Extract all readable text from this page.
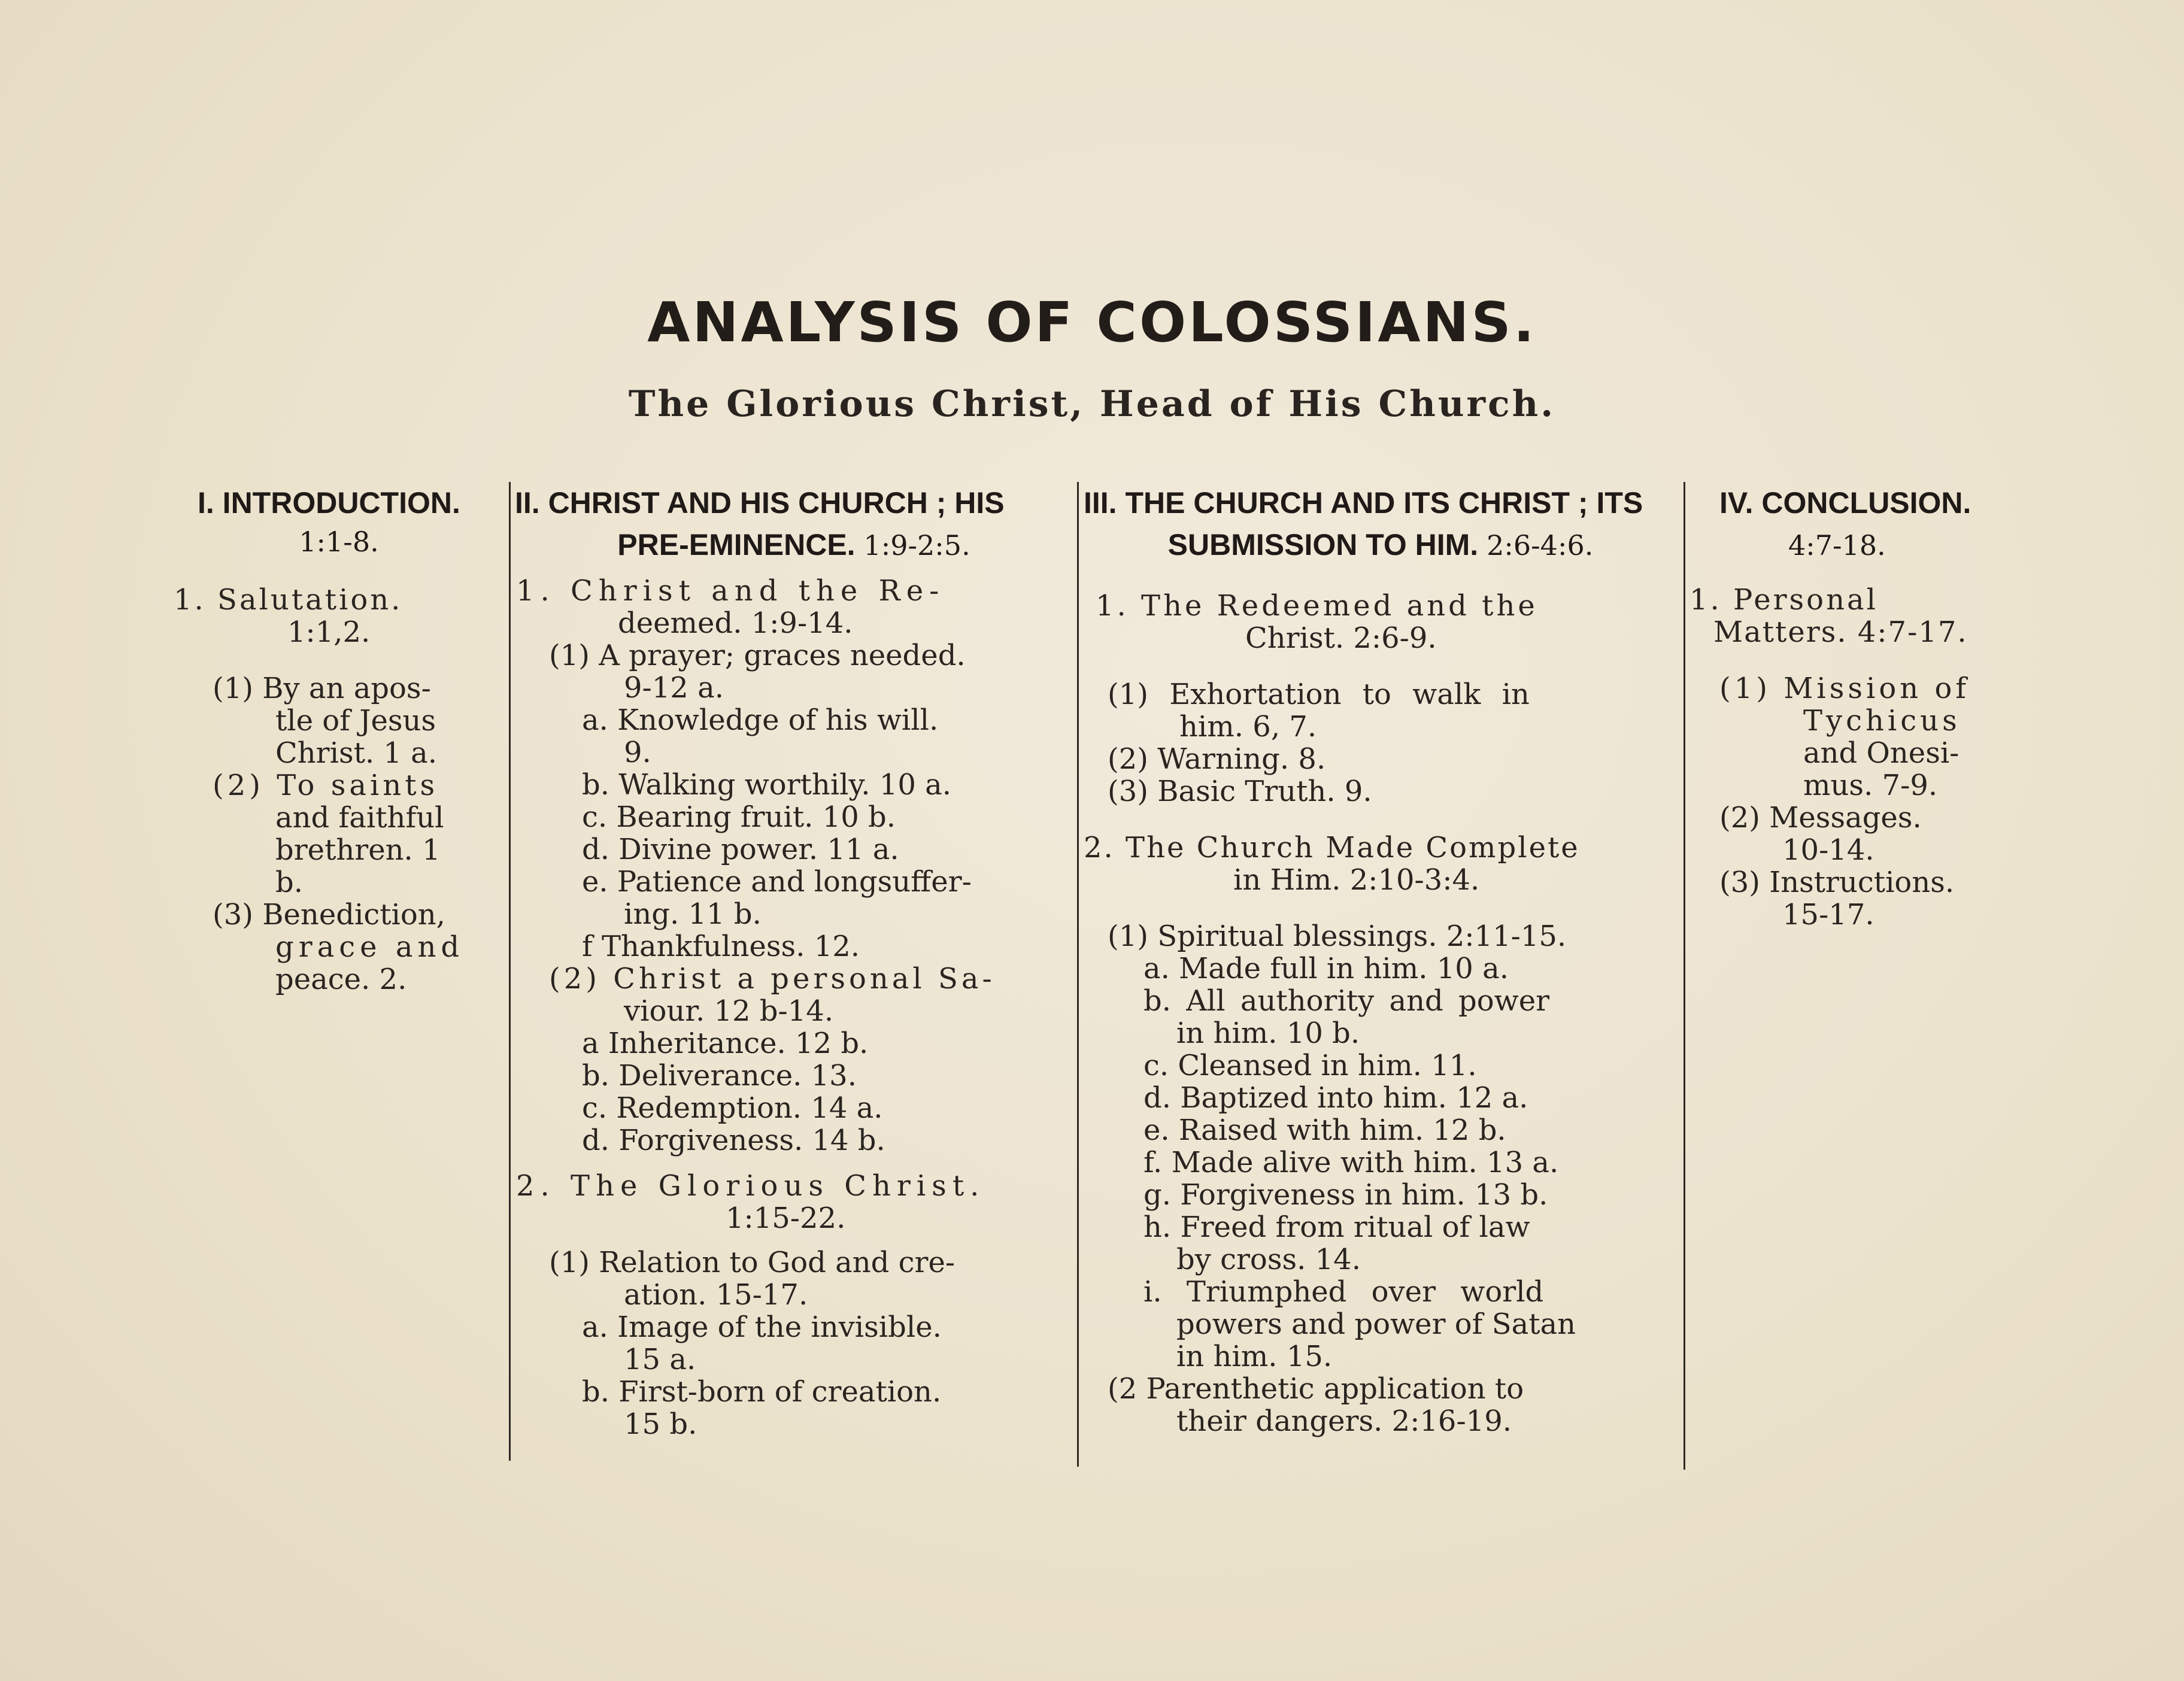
ANALYSIS OF COLOSSIANS.
The Glorious Christ, Head of His Church.
I. INTRODUCTION.
1:1-8.
1. Salutation.
1:1,2.
(1) By an apos-
tle of Jesus
Christ. 1 a.
(2) To saints
and faithful
brethren. 1
b.
(3) Benediction,
grace and
peace. 2.
II. CHRIST AND HIS CHURCH ; HIS
PRE-EMINENCE. 1:9-2:5.
1. Christ and the Re-
deemed. 1:9-14.
(1) A prayer; graces needed.
9-12 a.
a. Knowledge of his will.
9.
b. Walking worthily. 10 a.
c. Bearing fruit. 10 b.
d. Divine power. 11 a.
e. Patience and longsuffer-
ing. 11 b.
f Thankfulness. 12.
(2) Christ a personal Sa-
viour. 12 b-14.
a Inheritance. 12 b.
b. Deliverance. 13.
c. Redemption. 14 a.
d. Forgiveness. 14 b.
2. The Glorious Christ.
1:15-22.
(1) Relation to God and cre-
ation. 15-17.
a. Image of the invisible.
15 a.
b. First-born of creation.
15 b.
III. THE CHURCH AND ITS CHRIST ; ITS
SUBMISSION TO HIM. 2:6-4:6.
1. The Redeemed and the
Christ. 2:6-9.
(1) Exhortation to walk in
him. 6, 7.
(2) Warning. 8.
(3) Basic Truth. 9.
2. The Church Made Complete
in Him. 2:10-3:4.
(1) Spiritual blessings. 2:11-15.
a. Made full in him. 10 a.
b. All authority and power
in him. 10 b.
c. Cleansed in him. 11.
d. Baptized into him. 12 a.
e. Raised with him. 12 b.
f. Made alive with him. 13 a.
g. Forgiveness in him. 13 b.
h. Freed from ritual of law
by cross. 14.
i. Triumphed over world
powers and power of Satan
in him. 15.
(2 Parenthetic application to
their dangers. 2:16-19.
IV. CONCLUSION.
4:7-18.
1. Personal
Matters. 4:7-17.
(1) Mission of
Tychicus
and Onesi-
mus. 7-9.
(2) Messages.
10-14.
(3) Instructions.
15-17.
